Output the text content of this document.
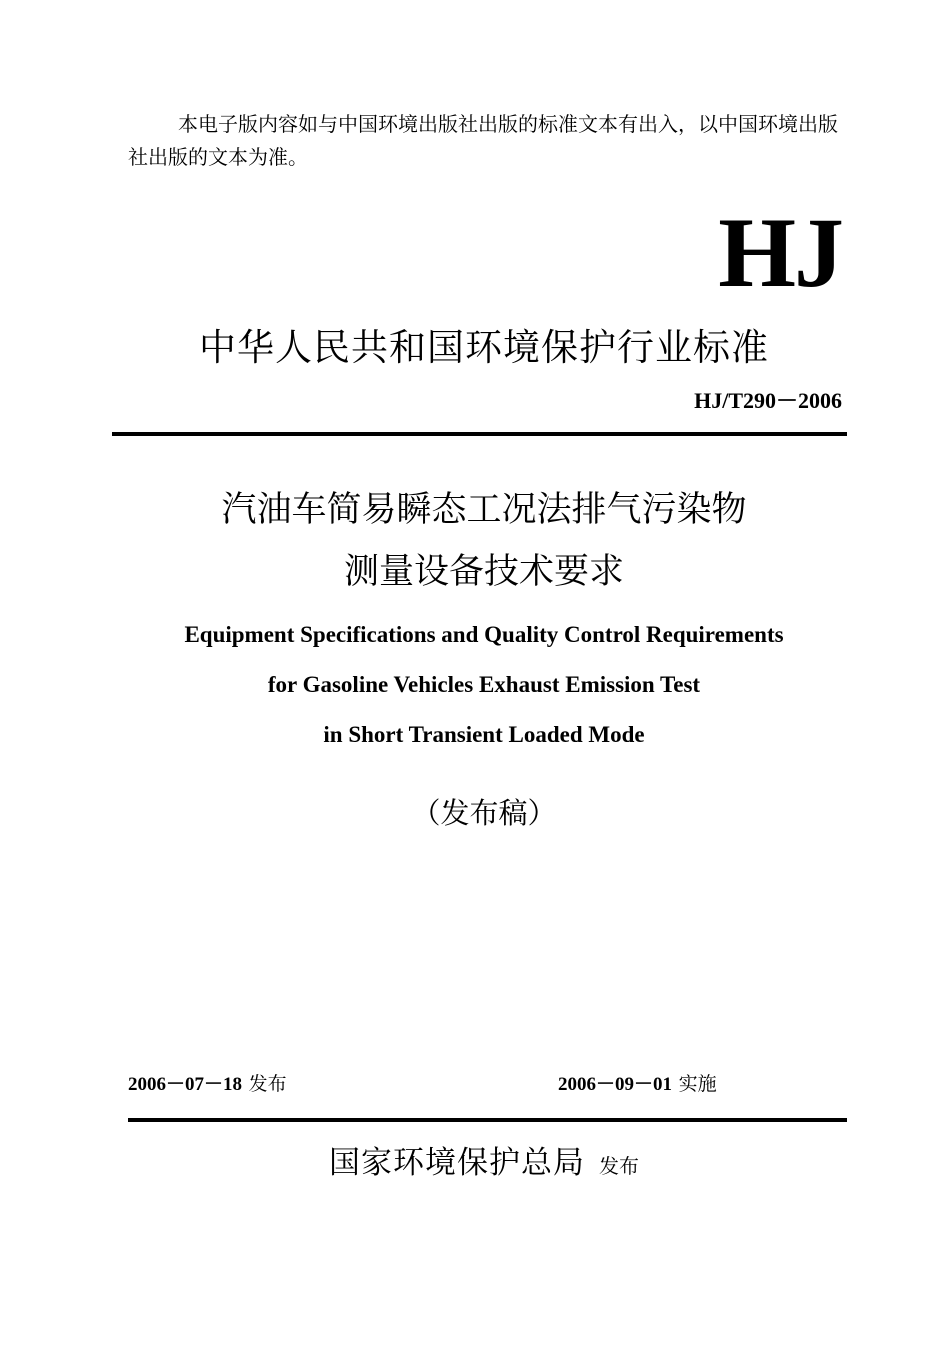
本电子版内容如与中国环境出版社出版的标准文本有出入，以中国环境出版社出版的文本为准。

HJ
中华人民共和国环境保护行业标准
HJ/T290－2006
汽油车简易瞬态工况法排气污染物
测量设备技术要求
Equipment Specifications and Quality Control Requirements
for Gasoline Vehicles Exhaust Emission Test
in Short Transient Loaded Mode
（发布稿）
2006－07－18 发布	2006－09－01 实施
国家环境保护总局 发布
